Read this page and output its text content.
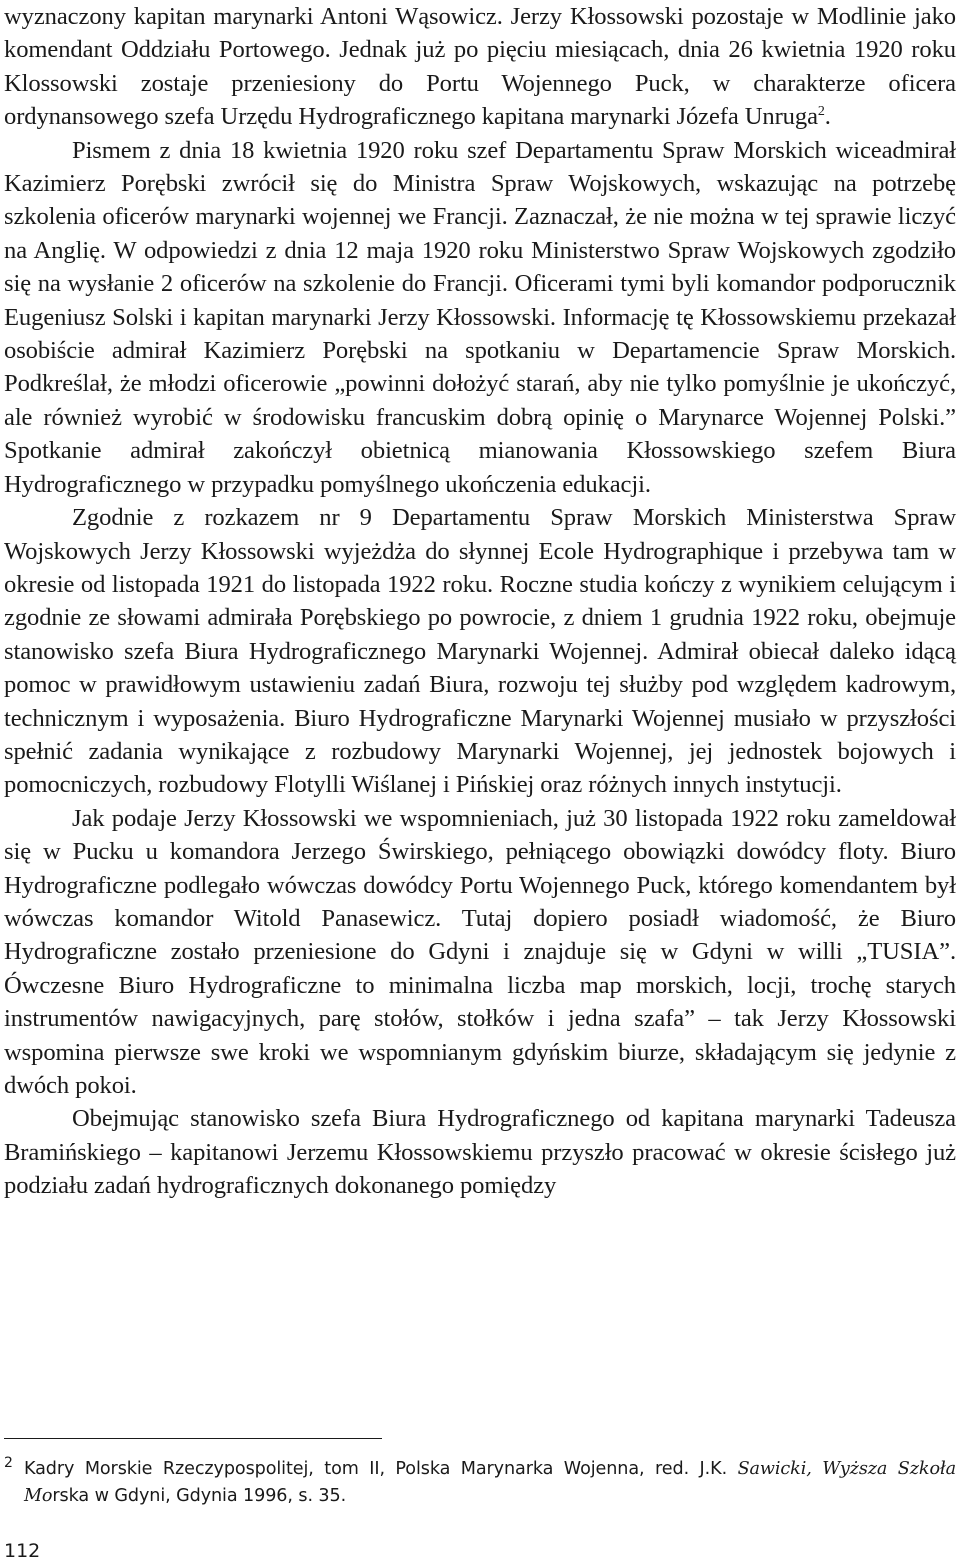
wyznaczony kapitan marynarki Antoni Wąsowicz. Jerzy Kłossowski pozostaje w Modlinie jako komendant Oddziału Portowego. Jednak już po pięciu miesiącach, dnia 26 kwietnia 1920 roku Klossowski zostaje przeniesiony do Portu Wojennego Puck, w charakterze oficera ordynansowego szefa Urzędu Hydrograficznego kapitana marynarki Józefa Unruga$^2$.

Pismem z dnia 18 kwietnia 1920 roku szef Departamentu Spraw Morskich wiceadmirał Kazimierz Porębski zwrócił się do Ministra Spraw Wojskowych, wskazując na potrzebę szkolenia oficerów marynarki wojennej we Francji. Zaznaczał, że nie można w tej sprawie liczyć na Anglię. W odpowiedzi z dnia 12 maja 1920 roku Ministerstwo Spraw Wojskowych zgodziło się na wysłanie 2 oficerów na szkolenie do Francji. Oficerami tymi byli komandor podporucznik Eugeniusz Solski i kapitan marynarki Jerzy Kłossowski. Informację tę Kłossowskiemu przekazał osobiście admirał Kazimierz Porębski na spotkaniu w Departamencie Spraw Morskich. Podkreślał, że młodzi oficerowie „powinni dołożyć starań, aby nie tylko pomyślnie je ukończyć, ale również wyrobić w środowisku francuskim dobrą opinię o Marynarce Wojennej Polski.” Spotkanie admirał zakończył obietnicą mianowania Kłossowskiego szefem Biura Hydrograficznego w przypadku pomyślnego ukończenia edukacji.

Zgodnie z rozkazem nr 9 Departamentu Spraw Morskich Ministerstwa Spraw Wojskowych Jerzy Kłossowski wyjeżdża do słynnej Ecole Hydrographique i przebywa tam w okresie od listopada 1921 do listopada 1922 roku. Roczne studia kończy z wynikiem celującym i zgodnie ze słowami admirała Porębskiego po powrocie, z dniem 1 grudnia 1922 roku, obejmuje stanowisko szefa Biura Hydrograficznego Marynarki Wojennej. Admirał obiecał daleko idącą pomoc w prawidłowym ustawieniu zadań Biura, rozwoju tej służby pod względem kadrowym, technicznym i wyposażenia. Biuro Hydrograficzne Marynarki Wojennej musiało w przyszłości spełnić zadania wynikające z rozbudowy Marynarki Wojennej, jej jednostek bojowych i pomocniczych, rozbudowy Flotylli Wiślanej i Pińskiej oraz różnych innych instytucji.

Jak podaje Jerzy Kłossowski we wspomnieniach, już 30 listopada 1922 roku zameldował się w Pucku u komandora Jerzego Świrskiego, pełniącego obowiązki dowódcy floty. Biuro Hydrograficzne podlegało wówczas dowódcy Portu Wojennego Puck, którego komendantem był wówczas komandor Witold Panasewicz. Tutaj dopiero posiadł wiadomość, że Biuro Hydrograficzne zostało przeniesione do Gdyni i znajduje się w Gdyni w willi „TUSIA”. Ówczesne Biuro Hydrograficzne to minimalna liczba map morskich, locji, trochę starych instrumentów nawigacyjnych, parę stołów, stołków i jedna szafa” – tak Jerzy Kłossowski wspomina pierwsze swe kroki we wspomnianym gdyńskim biurze, składającym się jedynie z dwóch pokoi.

Obejmując stanowisko szefa Biura Hydrograficznego od kapitana marynarki Tadeusza Bramińskiego – kapitanowi Jerzemu Kłossowskiemu przyszło pracować w okresie ścisłego już podziału zadań hydrograficznych dokonanego pomiędzy

2 Kadry Morskie Rzeczypospolitej, tom II, Polska Marynarka Wojenna, red. J.K. Sawicki, Wyższa Szkoła Morska w Gdyni, Gdynia 1996, s. 35.
112
